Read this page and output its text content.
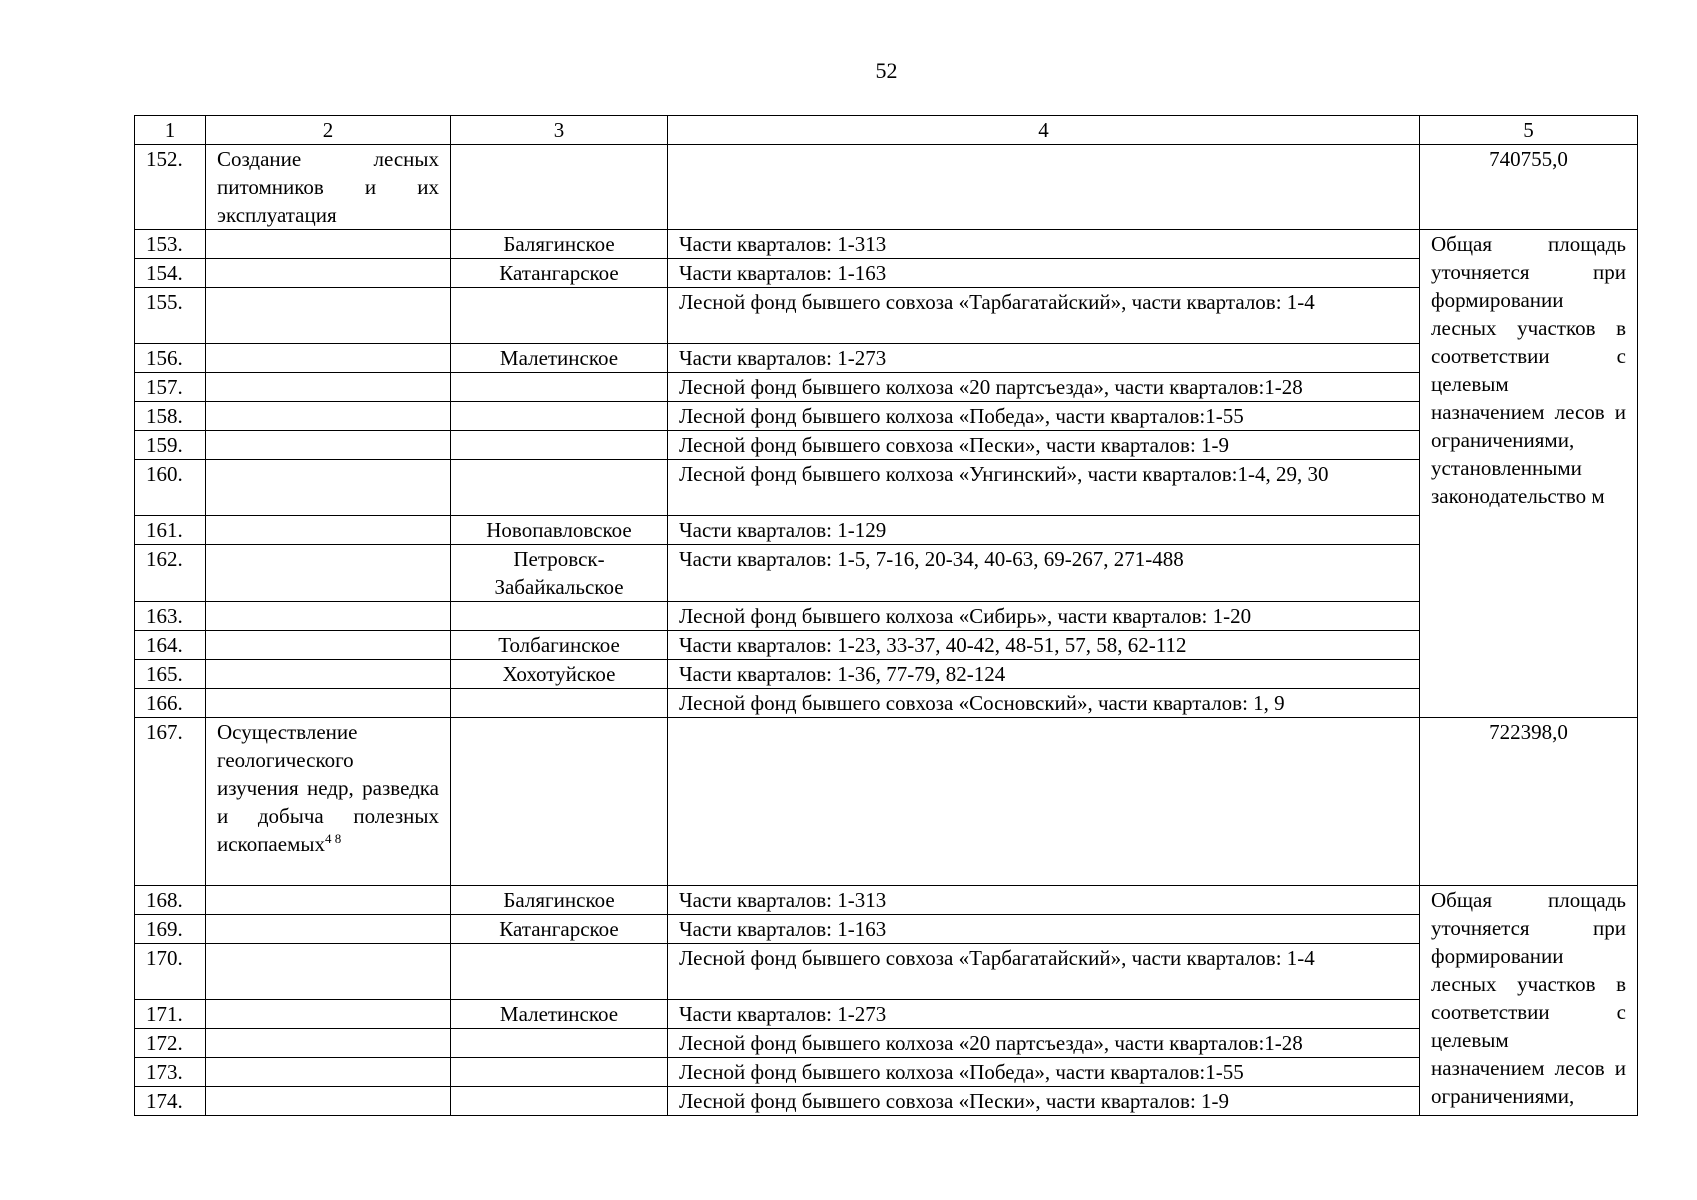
52
1	2	3	4	5
152.	Создание лесных питомников и их эксплуатация			740755,0
153.		Балягинское	Части кварталов: 1-313	Общая площадь уточняется при формировании лесных участков в соответствии с целевым назначением лесов и ограничениями, установленными законодательство м
154.		Катангарское	Части кварталов: 1-163	
155.			Лесной фонд бывшего совхоза «Тарбагатайский», части кварталов: 1-4	
156.		Малетинское	Части кварталов: 1-273	
157.			Лесной фонд бывшего колхоза «20 партсъезда», части кварталов:1-28	
158.			Лесной фонд бывшего колхоза «Победа», части кварталов:1-55	
159.			Лесной фонд бывшего совхоза «Пески», части кварталов: 1-9	
160.			Лесной фонд бывшего колхоза «Унгинский», части кварталов:1-4, 29, 30	
161.		Новопавловское	Части кварталов: 1-129	
162.		Петровск-Забайкальское	Части кварталов: 1-5, 7-16, 20-34, 40-63, 69-267, 271-488	
163.			Лесной фонд бывшего колхоза «Сибирь», части кварталов: 1-20	
164.		Толбагинское	Части кварталов: 1-23, 33-37, 40-42, 48-51, 57, 58, 62-112	
165.		Хохотуйское	Части кварталов: 1-36, 77-79, 82-124	
166.			Лесной фонд бывшего совхоза «Сосновский», части кварталов: 1, 9	
167.	Осуществление геологического изучения недр, разведка и добыча полезных ископаемых$^{4 8}$			722398,0
168.		Балягинское	Части кварталов: 1-313	Общая площадь уточняется при формировании лесных участков в соответствии с целевым назначением лесов и ограничениями,
169.		Катангарское	Части кварталов: 1-163	
170.			Лесной фонд бывшего совхоза «Тарбагатайский», части кварталов: 1-4	
171.		Малетинское	Части кварталов: 1-273	
172.			Лесной фонд бывшего колхоза «20 партсъезда», части кварталов:1-28	
173.			Лесной фонд бывшего колхоза «Победа», части кварталов:1-55	
174.			Лесной фонд бывшего совхоза «Пески», части кварталов: 1-9	
